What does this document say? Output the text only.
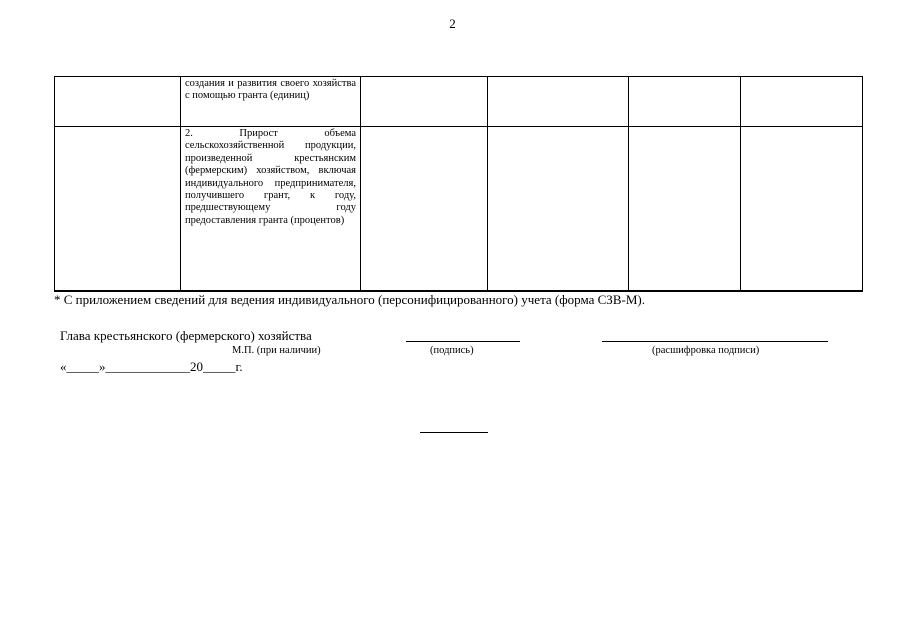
2

	создания и развития своего хозяйства с помощью гранта (единиц)				

	2. Прирост объема сельскохозяйственной продукции, произведенной крестьянским (фермерским) хозяйством, включая индивидуального предпринимателя, получившего грант, к году, предшествующему году предоставления гранта (процентов)				

* С приложением сведений для ведения индивидуального (персонифицированного) учета (форма СЗВ-М).
Глава крестьянского (фермерского) хозяйства
М.П. (при наличии)	(подпись)	(расшифровка подписи)
«_____»_____________20_____г.
